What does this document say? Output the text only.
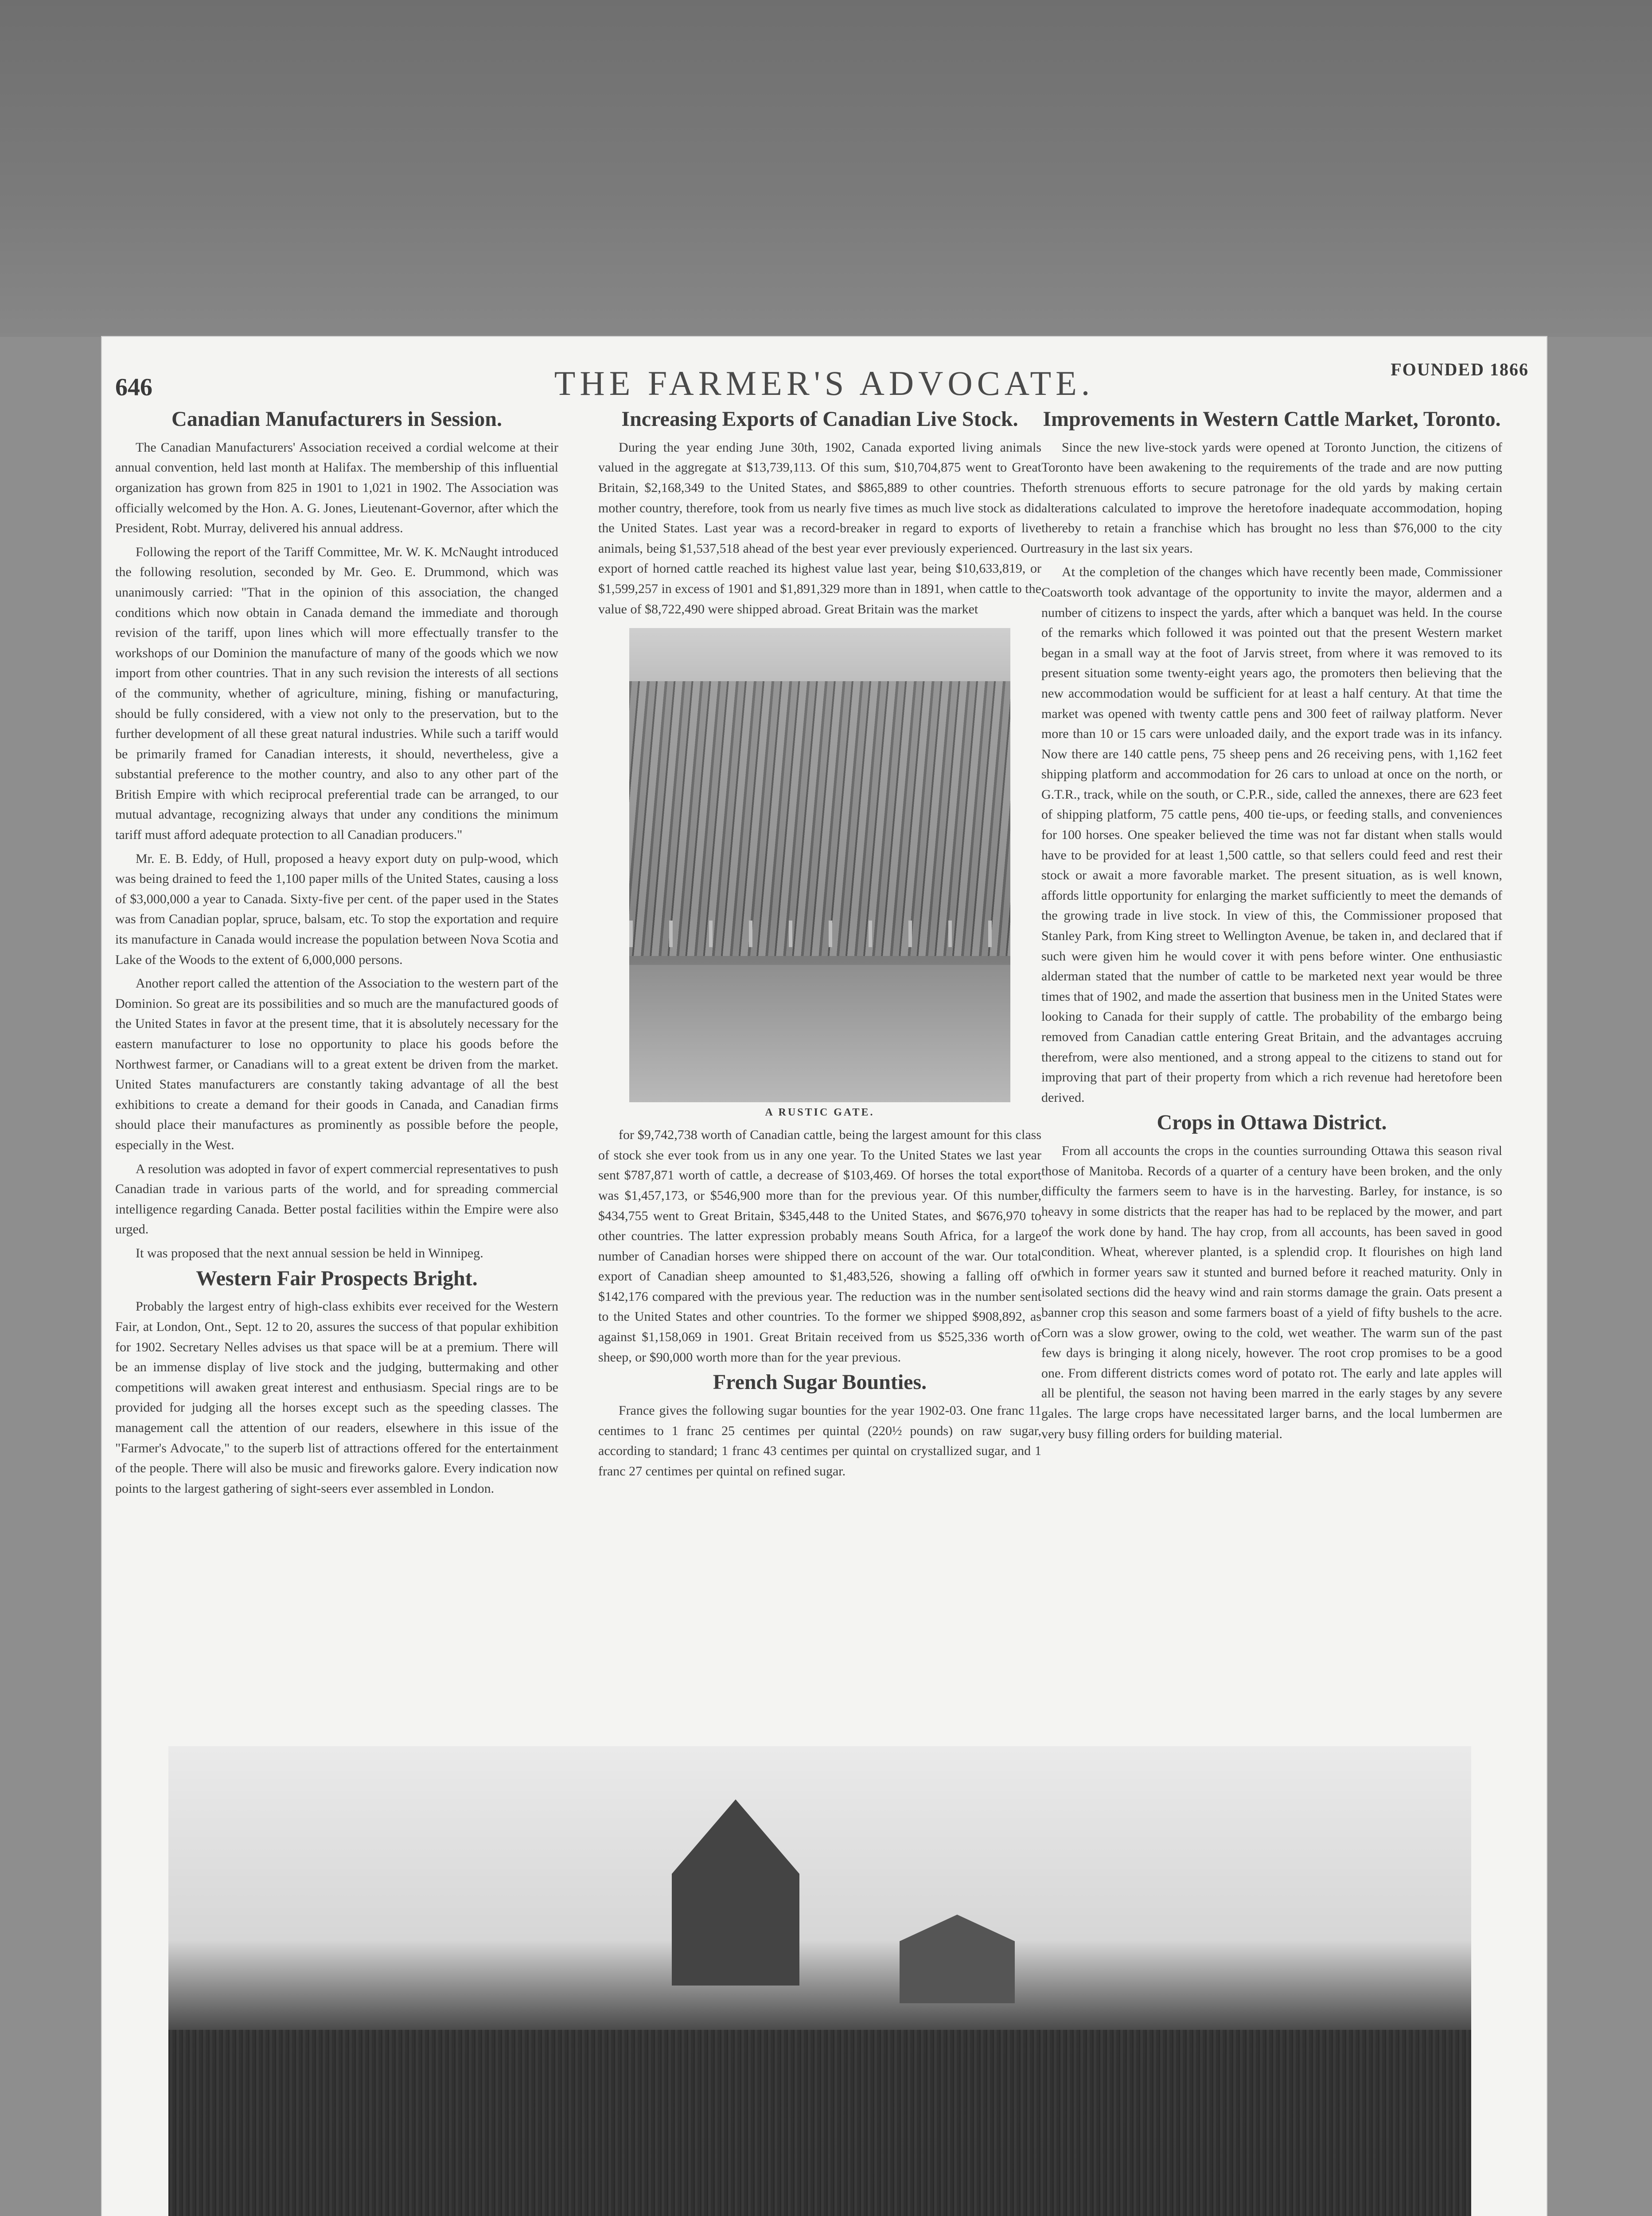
646	THE FARMER'S ADVOCATE.	FOUNDED 1866
Canadian Manufacturers in Session.

The Canadian Manufacturers' Association received a cordial welcome at their annual convention, held last month at Halifax. The membership of this influential organization has grown from 825 in 1901 to 1,021 in 1902. The Association was officially welcomed by the Hon. A. G. Jones, Lieutenant-Governor, after which the President, Robt. Murray, delivered his annual address.

Following the report of the Tariff Committee, Mr. W. K. McNaught introduced the following resolution, seconded by Mr. Geo. E. Drummond, which was unanimously carried: "That in the opinion of this association, the changed conditions which now obtain in Canada demand the immediate and thorough revision of the tariff, upon lines which will more effectually transfer to the workshops of our Dominion the manufacture of many of the goods which we now import from other countries. That in any such revision the interests of all sections of the community, whether of agriculture, mining, fishing or manufacturing, should be fully considered, with a view not only to the preservation, but to the further development of all these great natural industries. While such a tariff would be primarily framed for Canadian interests, it should, nevertheless, give a substantial preference to the mother country, and also to any other part of the British Empire with which reciprocal preferential trade can be arranged, to our mutual advantage, recognizing always that under any conditions the minimum tariff must afford adequate protection to all Canadian producers."

Mr. E. B. Eddy, of Hull, proposed a heavy export duty on pulp-wood, which was being drained to feed the 1,100 paper mills of the United States, causing a loss of $3,000,000 a year to Canada. Sixty-five per cent. of the paper used in the States was from Canadian poplar, spruce, balsam, etc. To stop the exportation and require its manufacture in Canada would increase the population between Nova Scotia and Lake of the Woods to the extent of 6,000,000 persons.

Another report called the attention of the Association to the western part of the Dominion. So great are its possibilities and so much are the manufactured goods of the United States in favor at the present time, that it is absolutely necessary for the eastern manufacturer to lose no opportunity to place his goods before the Northwest farmer, or Canadians will to a great extent be driven from the market. United States manufacturers are constantly taking advantage of all the best exhibitions to create a demand for their goods in Canada, and Canadian firms should place their manufactures as prominently as possible before the people, especially in the West.

A resolution was adopted in favor of expert commercial representatives to push Canadian trade in various parts of the world, and for spreading commercial intelligence regarding Canada. Better postal facilities within the Empire were also urged.

It was proposed that the next annual session be held in Winnipeg.

Western Fair Prospects Bright.

Probably the largest entry of high-class exhibits ever received for the Western Fair, at London, Ont., Sept. 12 to 20, assures the success of that popular exhibition for 1902. Secretary Nelles advises us that space will be at a premium. There will be an immense display of live stock and the judging, buttermaking and other competitions will awaken great interest and enthusiasm. Special rings are to be provided for judging all the horses except such as the speeding classes. The management call the attention of our readers, elsewhere in this issue of the "Farmer's Advocate," to the superb list of attractions offered for the entertainment of the people. There will also be music and fireworks galore. Every indication now points to the largest gathering of sight-seers ever assembled in London.

Increasing Exports of Canadian Live Stock.

During the year ending June 30th, 1902, Canada exported living animals valued in the aggregate at $13,739,113. Of this sum, $10,704,875 went to Great Britain, $2,168,349 to the United States, and $865,889 to other countries. The mother country, therefore, took from us nearly five times as much live stock as did the United States. Last year was a record-breaker in regard to exports of live animals, being $1,537,518 ahead of the best year ever previously experienced. Our export of horned cattle reached its highest value last year, being $10,633,819, or $1,599,257 in excess of 1901 and $1,891,329 more than in 1891, when cattle to the value of $8,722,490 were shipped abroad. Great Britain was the market

A RUSTIC GATE.

for $9,742,738 worth of Canadian cattle, being the largest amount for this class of stock she ever took from us in any one year. To the United States we last year sent $787,871 worth of cattle, a decrease of $103,469. Of horses the total export was $1,457,173, or $546,900 more than for the previous year. Of this number, $434,755 went to Great Britain, $345,448 to the United States, and $676,970 to other countries. The latter expression probably means South Africa, for a large number of Canadian horses were shipped there on account of the war. Our total export of Canadian sheep amounted to $1,483,526, showing a falling off of $142,176 compared with the previous year. The reduction was in the number sent to the United States and other countries. To the former we shipped $908,892, as against $1,158,069 in 1901. Great Britain received from us $525,336 worth of sheep, or $90,000 worth more than for the year previous.

French Sugar Bounties.

France gives the following sugar bounties for the year 1902-03. One franc 11 centimes to 1 franc 25 centimes per quintal (220½ pounds) on raw sugar, according to standard; 1 franc 43 centimes per quintal on crystallized sugar, and 1 franc 27 centimes per quintal on refined sugar.

Improvements in Western Cattle Market, Toronto.

Since the new live-stock yards were opened at Toronto Junction, the citizens of Toronto have been awakening to the requirements of the trade and are now putting forth strenuous efforts to secure patronage for the old yards by making certain alterations calculated to improve the heretofore inadequate accommodation, hoping thereby to retain a franchise which has brought no less than $76,000 to the city treasury in the last six years.

At the completion of the changes which have recently been made, Commissioner Coatsworth took advantage of the opportunity to invite the mayor, aldermen and a number of citizens to inspect the yards, after which a banquet was held. In the course of the remarks which followed it was pointed out that the present Western market began in a small way at the foot of Jarvis street, from where it was removed to its present situation some twenty-eight years ago, the promoters then believing that the new accommodation would be sufficient for at least a half century. At that time the market was opened with twenty cattle pens and 300 feet of railway platform. Never more than 10 or 15 cars were unloaded daily, and the export trade was in its infancy. Now there are 140 cattle pens, 75 sheep pens and 26 receiving pens, with 1,162 feet shipping platform and accommodation for 26 cars to unload at once on the north, or G.T.R., track, while on the south, or C.P.R., side, called the annexes, there are 623 feet of shipping platform, 75 cattle pens, 400 tie-ups, or feeding stalls, and conveniences for 100 horses. One speaker believed the time was not far distant when stalls would have to be provided for at least 1,500 cattle, so that sellers could feed and rest their stock or await a more favorable market. The present situation, as is well known, affords little opportunity for enlarging the market sufficiently to meet the demands of the growing trade in live stock. In view of this, the Commissioner proposed that Stanley Park, from King street to Wellington Avenue, be taken in, and declared that if such were given him he would cover it with pens before winter. One enthusiastic alderman stated that the number of cattle to be marketed next year would be three times that of 1902, and made the assertion that business men in the United States were looking to Canada for their supply of cattle. The probability of the embargo being removed from Canadian cattle entering Great Britain, and the advantages accruing therefrom, were also mentioned, and a strong appeal to the citizens to stand out for improving that part of their property from which a rich revenue had heretofore been derived.

Crops in Ottawa District.

From all accounts the crops in the counties surrounding Ottawa this season rival those of Manitoba. Records of a quarter of a century have been broken, and the only difficulty the farmers seem to have is in the harvesting. Barley, for instance, is so heavy in some districts that the reaper has had to be replaced by the mower, and part of the work done by hand. The hay crop, from all accounts, has been saved in good condition. Wheat, wherever planted, is a splendid crop. It flourishes on high land which in former years saw it stunted and burned before it reached maturity. Only in isolated sections did the heavy wind and rain storms damage the grain. Oats present a banner crop this season and some farmers boast of a yield of fifty bushels to the acre. Corn was a slow grower, owing to the cold, wet weather. The warm sun of the past few days is bringing it along nicely, however. The root crop promises to be a good one. From different districts comes word of potato rot. The early and late apples will all be plentiful, the season not having been marred in the early stages by any severe gales. The large crops have necessitated larger barns, and the local lumbermen are very busy filling orders for building material.
